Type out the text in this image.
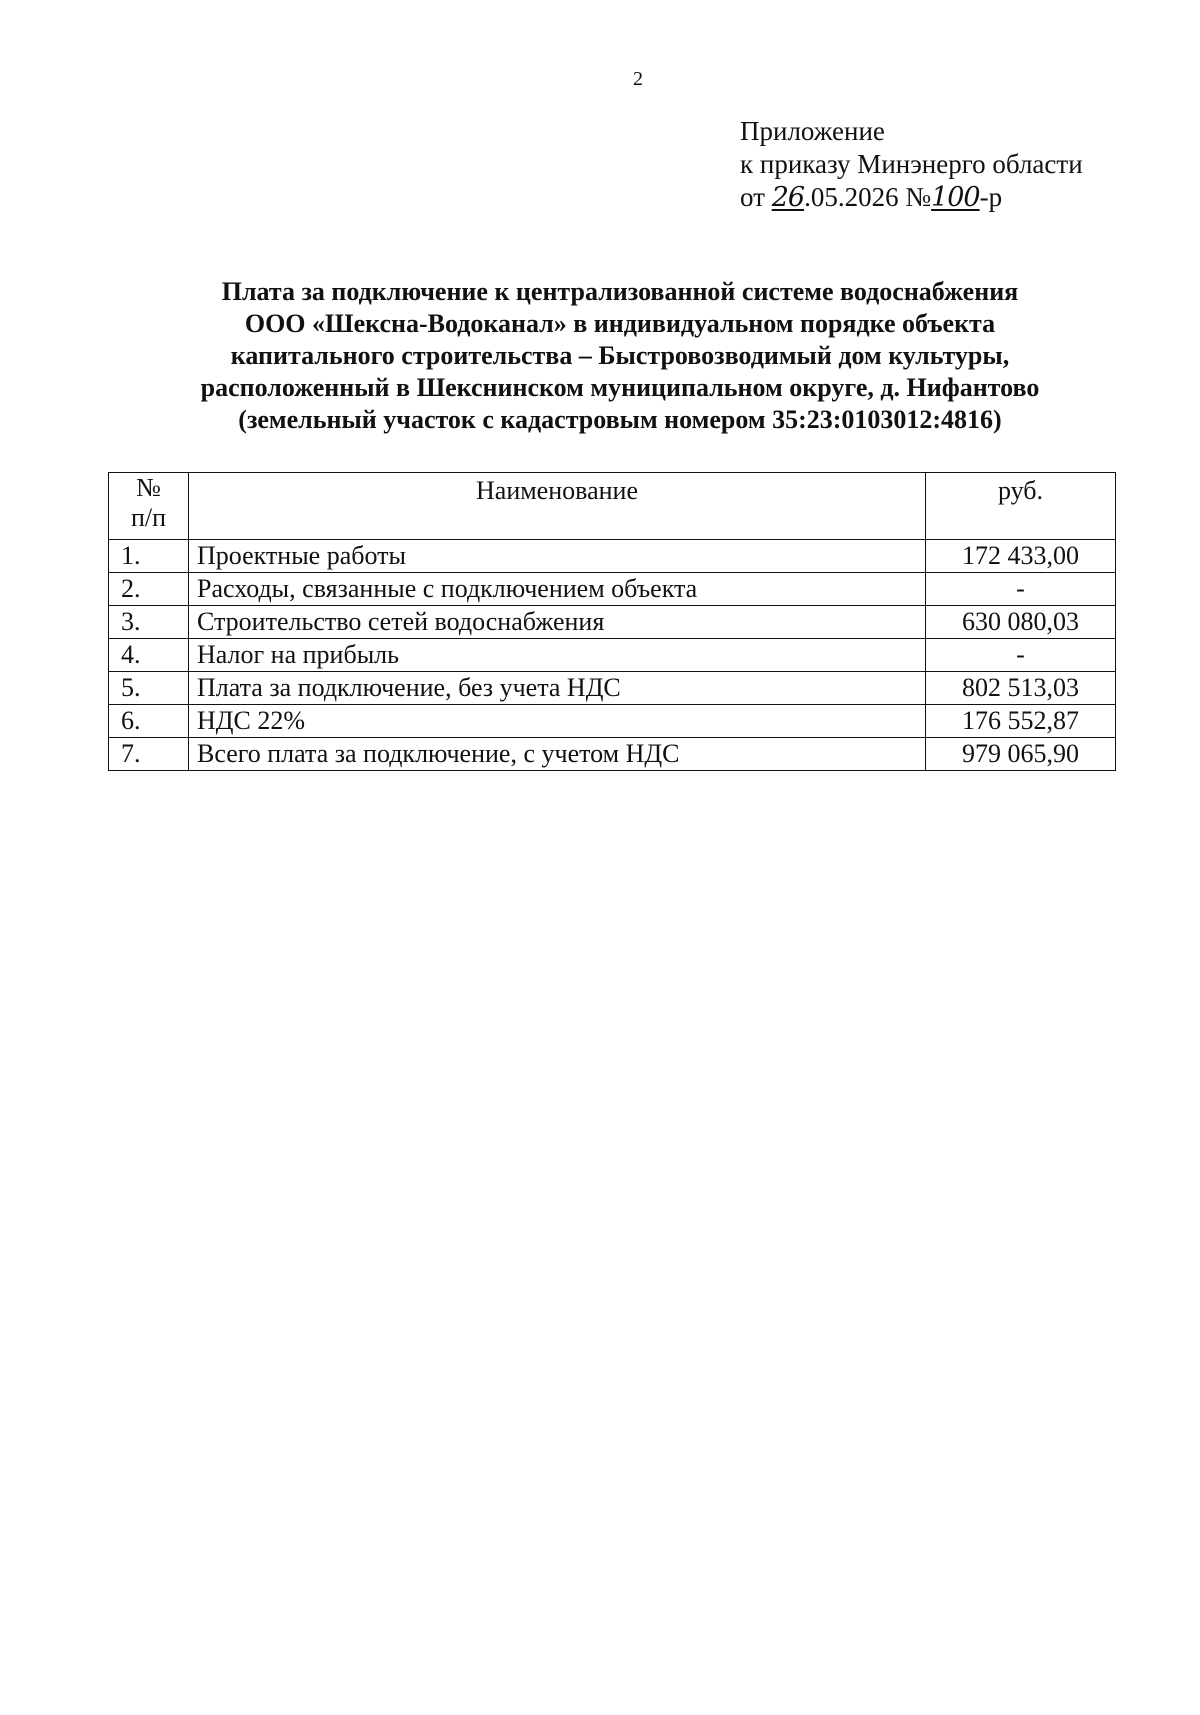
2
Приложение
к приказу Минэнерго области
от 26.05.2026 №100-р
Плата за подключение к централизованной системе водоснабжения
ООО «Шексна-Водоканал» в индивидуальном порядке объекта
капитального строительства – Быстровозводимый дом культуры,
расположенный в Шекснинском муниципальном округе, д. Нифантово
(земельный участок с кадастровым номером 35:23:0103012:4816)
№
п/п	Наименование	руб.
1.	Проектные работы	172 433,00
2.	Расходы, связанные с подключением объекта	-
3.	Строительство сетей водоснабжения	630 080,03
4.	Налог на прибыль	-
5.	Плата за подключение, без учета НДС	802 513,03
6.	НДС 22%	176 552,87
7.	Всего плата за подключение, с учетом НДС	979 065,90
